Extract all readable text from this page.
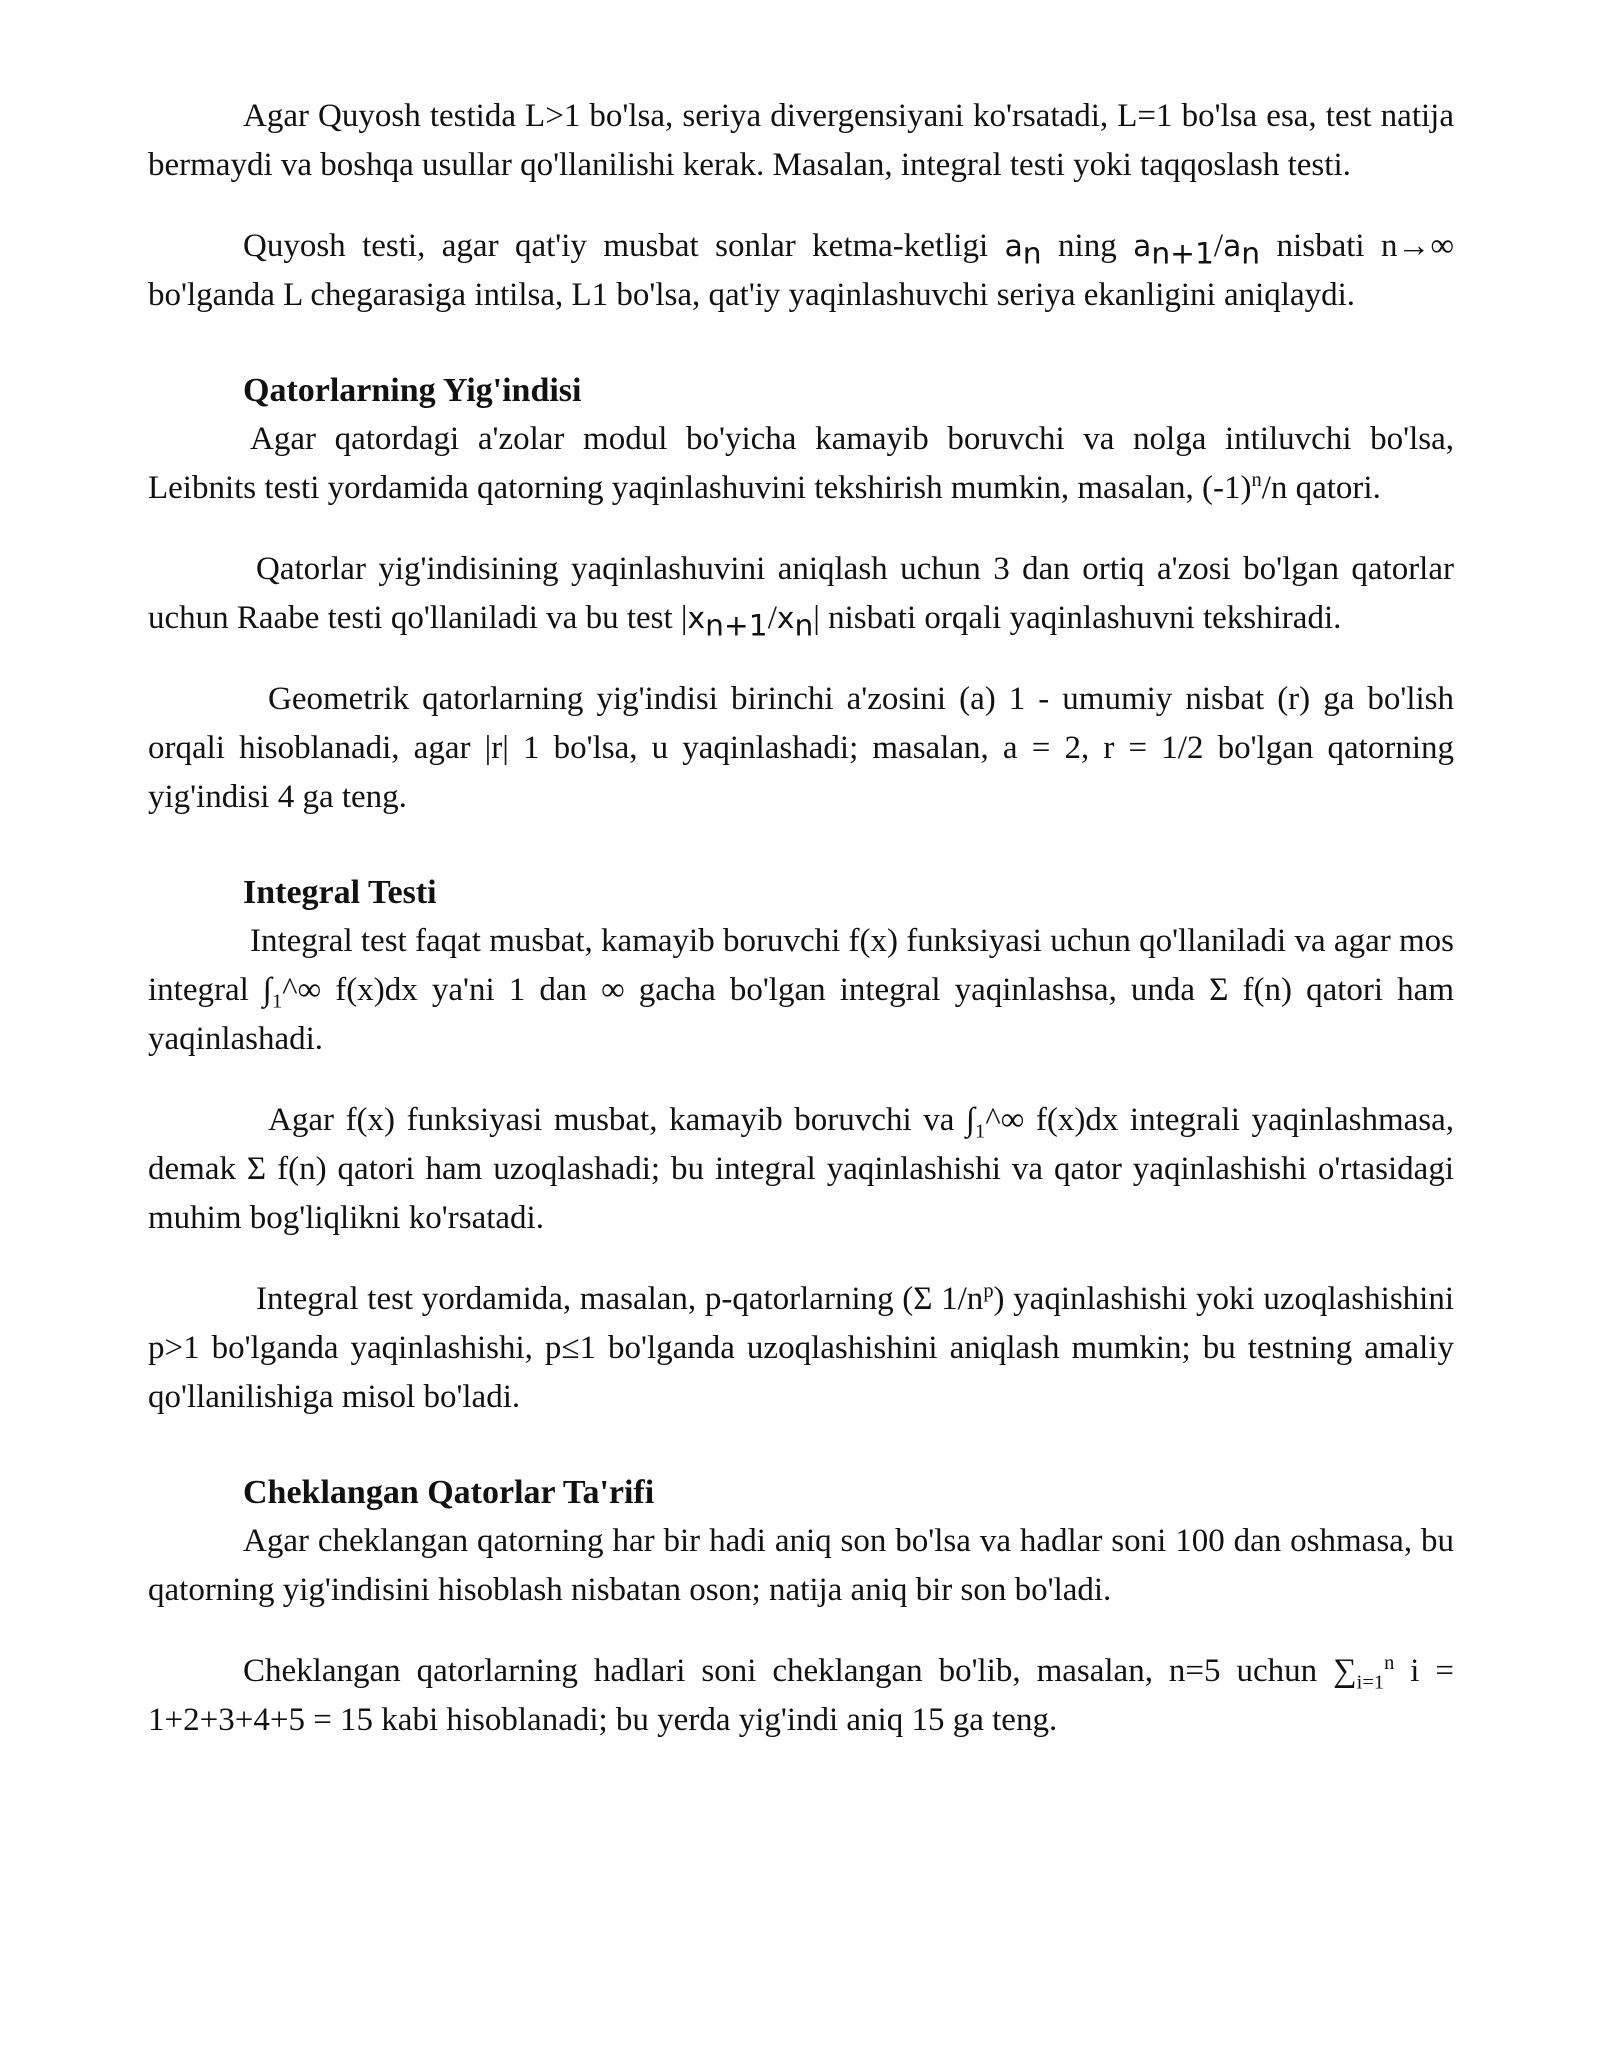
Agar Quyosh testida L>1 bo'lsa, seriya divergensiyani ko'rsatadi, L=1 bo'lsa esa, test natija bermaydi va boshqa usullar qo'llanilishi kerak. Masalan, integral testi yoki taqqoslash testi.

Quyosh testi, agar qat'iy musbat sonlar ketma-ketligi $a_n$ ning $a_{n+1}/a_n$ nisbati n→∞ bo'lganda L chegarasiga intilsa, L1 bo'lsa, qat'iy yaqinlashuvchi seriya ekanligini aniqlaydi.

Qatorlarning Yig'indisi

Agar qatordagi a'zolar modul bo'yicha kamayib boruvchi va nolga intiluvchi bo'lsa, Leibnits testi yordamida qatorning yaqinlashuvini tekshirish mumkin, masalan, $(-1)^n/n$ qatori.

Qatorlar yig'indisining yaqinlashuvini aniqlash uchun 3 dan ortiq a'zosi bo'lgan qatorlar uchun Raabe testi qo'llaniladi va bu test $|x_{n+1}/x_n|$ nisbati orqali yaqinlashuvni tekshiradi.

Geometrik qatorlarning yig'indisi birinchi a'zosini (a) 1 - umumiy nisbat (r) ga bo'lish orqali hisoblanadi, agar |r| 1 bo'lsa, u yaqinlashadi; masalan, a = 2, r = 1/2 bo'lgan qatorning yig'indisi 4 ga teng.

Integral Testi

Integral test faqat musbat, kamayib boruvchi f(x) funksiyasi uchun qo'llaniladi va agar mos integral $\int_1\^{}\infty$ f(x)dx ya'ni 1 dan ∞ gacha bo'lgan integral yaqinlashsa, unda Σ f(n) qatori ham yaqinlashadi.

Agar f(x) funksiyasi musbat, kamayib boruvchi va $\int_1\^{}\infty$ f(x)dx integrali yaqinlashmasa, demak Σ f(n) qatori ham uzoqlashadi; bu integral yaqinlashishi va qator yaqinlashishi o'rtasidagi muhim bog'liqlikni ko'rsatadi.

Integral test yordamida, masalan, p-qatorlarning (Σ $1/n^p$) yaqinlashishi yoki uzoqlashishini p>1 bo'lganda yaqinlashishi, p≤1 bo'lganda uzoqlashishini aniqlash mumkin; bu testning amaliy qo'llanilishiga misol bo'ladi.

Cheklangan Qatorlar Ta'rifi

Agar cheklangan qatorning har bir hadi aniq son bo'lsa va hadlar soni 100 dan oshmasa, bu qatorning yig'indisini hisoblash nisbatan oson; natija aniq bir son bo'ladi.

Cheklangan qatorlarning hadlari soni cheklangan bo'lib, masalan, n=5 uchun $\sum_{i=1}^n$ i = 1+2+3+4+5 = 15 kabi hisoblanadi; bu yerda yig'indi aniq 15 ga teng.
